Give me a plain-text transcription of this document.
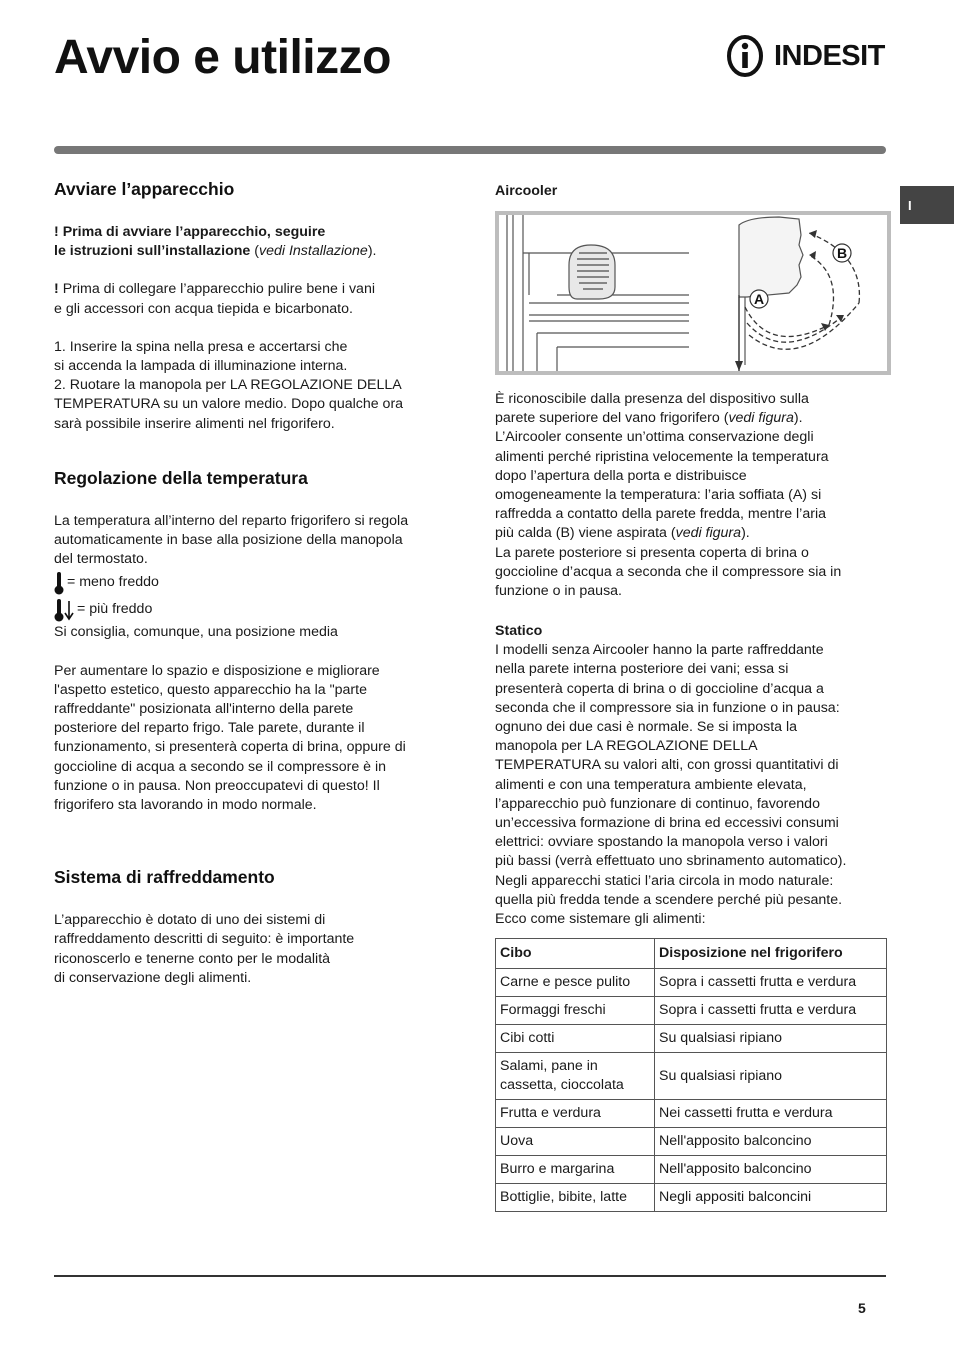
Avvio e utilizzo	INDESIT
I
Avviare l’apparecchio

! Prima di avviare l’apparecchio, seguire

le istruzioni sull’installazione (vedi Installazione).

! Prima di collegare l’apparecchio pulire bene i vani

e gli accessori con acqua tiepida e bicarbonato.

1. Inserire la spina nella presa e accertarsi che

si accenda la lampada di illuminazione interna.

2. Ruotare la manopola per LA REGOLAZIONE DELLA

TEMPERATURA su un valore medio. Dopo qualche ora

sarà possibile inserire alimenti nel frigorifero.

Regolazione della temperatura

La temperatura all’interno del reparto frigorifero si regola

automaticamente in base alla posizione della manopola

del termostato.

= meno freddo
= più freddo

Si consiglia, comunque, una posizione media

Per aumentare lo spazio e disposizione e migliorare

l'aspetto estetico, questo apparecchio ha la "parte

raffreddante" posizionata all'interno della parete

posteriore del reparto frigo. Tale parete, durante il

funzionamento, si presenterà coperta di brina, oppure di

goccioline di acqua a secondo se il compressore è in

funzione o in pausa. Non preoccupatevi di questo! Il

frigorifero sta lavorando in modo normale.

Sistema di raffreddamento

L’apparecchio è dotato di uno dei sistemi di

raffreddamento descritti di seguito: è importante

riconoscerlo e tenerne conto per le modalità

di conservazione degli alimenti.

Aircooler
B
A

È riconoscibile dalla presenza del dispositivo sulla

parete superiore del vano frigorifero (vedi figura).

L’Aircooler consente un’ottima conservazione degli

alimenti perché ripristina velocemente la temperatura

dopo l’apertura della porta e distribuisce

omogeneamente la temperatura: l’aria soffiata (A) si

raffredda a contatto della parete fredda, mentre l’aria

più calda (B) viene aspirata (vedi figura).

La parete posteriore si presenta coperta di brina o

goccioline d’acqua a seconda che il compressore sia in

funzione o in pausa.

Statico

I modelli senza Aircooler hanno la parte raffreddante

nella parete interna posteriore dei vani; essa si

presenterà coperta di brina o di goccioline d’acqua a

seconda che il compressore sia in funzione o in pausa:

ognuno dei due casi è normale. Se si imposta la

manopola per LA REGOLAZIONE DELLA

TEMPERATURA su valori alti, con grossi quantitativi di

alimenti e con una temperatura ambiente elevata,

l’apparecchio può funzionare di continuo, favorendo

un’eccessiva formazione di brina ed eccessivi consumi

elettrici: ovviare spostando la manopola verso i valori

più bassi (verrà effettuato uno sbrinamento automatico).

Negli apparecchi statici l’aria circola in modo naturale:

quella più fredda tende a scendere perché più pesante.

Ecco come sistemare gli alimenti:

Cibo	Disposizione nel frigorifero
Carne e pesce pulito	Sopra i cassetti frutta e verdura
Formaggi freschi	Sopra i cassetti frutta e verdura
Cibi cotti	Su qualsiasi ripiano

Salami, pane in
cassetta, cioccolata	Su qualsiasi ripiano
Frutta e verdura	Nei cassetti frutta e verdura
Uova	Nell'apposito balconcino
Burro e margarina	Nell'apposito balconcino
Bottiglie, bibite, latte	Negli appositi balconcini
5
